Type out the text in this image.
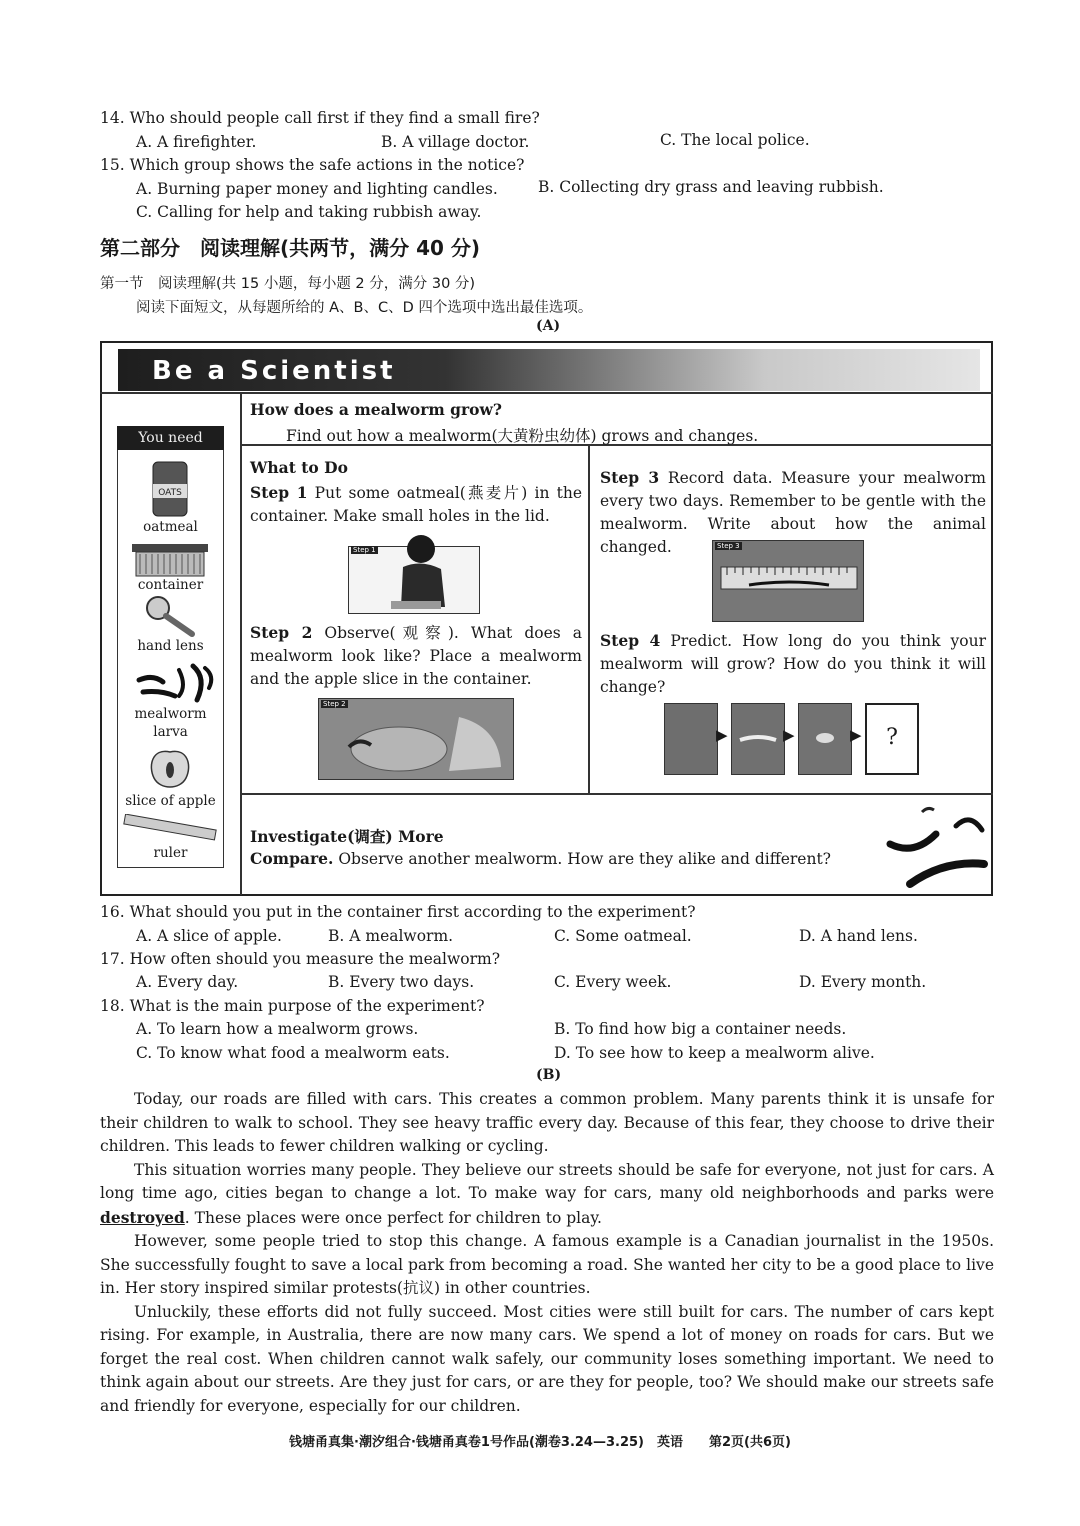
14. Who should people call first if they find a small fire?
A. A firefighter.	B. A village doctor.	C. The local police.
15. Which group shows the safe actions in the notice?
A. Burning paper money and lighting candles.	B. Collecting dry grass and leaving rubbish.
C. Calling for help and taking rubbish away.
第二部分　阅读理解(共两节，满分 40 分)
第一节　阅读理解(共 15 小题，每小题 2 分，满分 30 分)
阅读下面短文，从每题所给的 A、B、C、D 四个选项中选出最佳选项。
(A)
Be a Scientist
You need
OATS
oatmeal
container
hand lens
mealworm
larva
slice of apple
ruler
How does a mealworm grow?
Find out how a mealworm(大黄粉虫幼体) grows and changes.
What to Do
Step 1 Put some oatmeal(燕麦片) in the container. Make small holes in the lid.
Step 1
Step 2 Observe(观察). What does a mealworm look like? Place a mealworm and the apple slice in the container.
Step 2
Step 3 Record data. Measure your mealworm every two days. Remember to be gentle with the mealworm. Write about how the animal changed.	Step 3
Step 4 Predict. How long do you think your mealworm will grow? How do you think it will change?
▶	▶	▶	?
Investigate(调查) More
Compare. Observe another mealworm. How are they alike and different?
16. What should you put in the container first according to the experiment?
A. A slice of apple.	B. A mealworm.	C. Some oatmeal.	D. A hand lens.
17. How often should you measure the mealworm?
A. Every day.	B. Every two days.	C. Every week.	D. Every month.
18. What is the main purpose of the experiment?
A. To learn how a mealworm grows.	B. To find how big a container needs.
C. To know what food a mealworm eats.	D. To see how to keep a mealworm alive.
(B)

Today, our roads are filled with cars. This creates a common problem. Many parents think it is unsafe for their children to walk to school. They see heavy traffic every day. Because of this fear, they choose to drive their children. This leads to fewer children walking or cycling.

This situation worries many people. They believe our streets should be safe for everyone, not just for cars. A long time ago, cities began to change a lot. To make way for cars, many old neighborhoods and parks were destroyed. These places were once perfect for children to play.

However, some people tried to stop this change. A famous example is a Canadian journalist in the 1950s. She successfully fought to save a local park from becoming a road. She wanted her city to be a good place to live in. Her story inspired similar protests(抗议) in other countries.

Unluckily, these efforts did not fully succeed. Most cities were still built for cars. The number of cars kept rising. For example, in Australia, there are now many cars. We spend a lot of money on roads for cars. But we forget the real cost. When children cannot walk safely, our community loses something important. We need to think again about our streets. Are they just for cars, or are they for people, too? We should make our streets safe and friendly for everyone, especially for our children.

钱塘甬真集·潮汐组合·钱塘甬真卷1号作品(潮卷3.24—3.25)　英语　　第2页(共6页)
